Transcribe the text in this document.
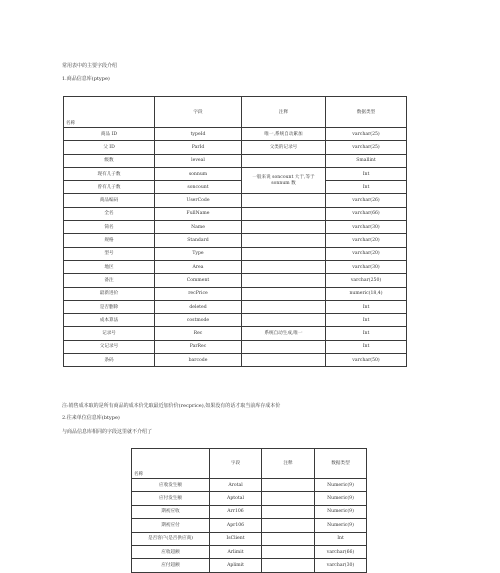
常用表中的主要字段介绍
1.商品信息库(ptype)
名称	字段	注释	数据类型
商品 ID	typeId	唯一,系统自动累加	varchar(25)
父 ID	ParId	父类的记录号	varchar(25)
级数	leveal		Smallint
现有儿子数	sonnum	一般来说 soncount 大于,等于 sonnum 数	Int
曾有儿子数	soncount		Int
商品编码	UserCode		varchar(26)
全名	FullName		varchar(66)
简名	Name		varchar(30)
规格	Standard		varchar(20)
型号	Type		varchar(20)
地区	Area		varchar(30)
备注	Comment		varchar(250)
最新进价	recPrice		numeric(18,4)
是否删除	deleted		Int
成本算法	costmode		Int
记录号	Rec	系统自动生成,唯一	Int
父记录号	ParRec		Int
条码	barcode		varchar(50)
注:销售成本取的是所有商品的成本价先取最近加价价(recprice),如果没有的话才取当前库存成本价
2.往来单位信息库(btype)
与商品信息库相同的字段这里就不介绍了
名称	字段	注释	数据类型
应收发生额	Arotal		Numeric(9)
应付发生额	Aptotal		Numeric(9)
期初应收	Arr106		Numeric(9)
期初应付	Apr106		Numeric(9)
是否客户(是否供应商)	IsClient		Int
应收超额	Arlimit		varchar(66)
应付超额	Aplimit		varchar(30)
